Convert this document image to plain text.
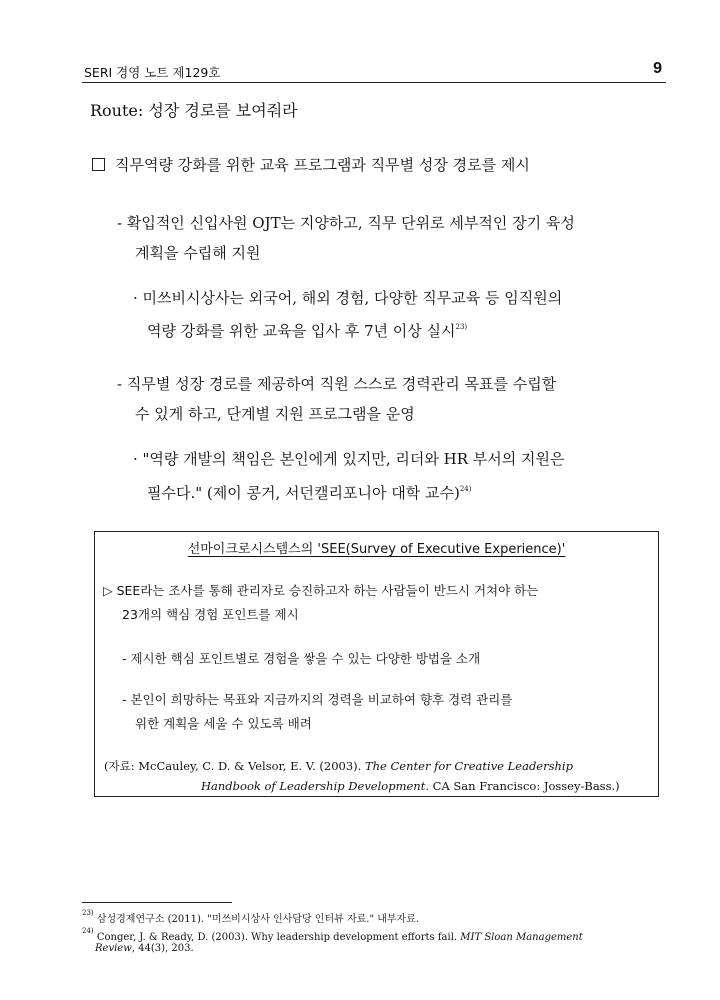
SERI 경영 노트 제129호	9
Route: 성장 경로를 보여줘라
직무역량 강화를 위한 교육 프로그램과 직무별 성장 경로를 제시
- 확입적인 신입사원 OJT는 지양하고, 직무 단위로 세부적인 장기 육성
계획을 수립해 지원
· 미쓰비시상사는 외국어, 해외 경험, 다양한 직무교육 등 임직원의
역량 강화를 위한 교육을 입사 후 7년 이상 실시$^{23)}$
- 직무별 성장 경로를 제공하여 직원 스스로 경력관리 목표를 수립할
수 있게 하고, 단계별 지원 프로그램을 운영
· "역량 개발의 책임은 본인에게 있지만, 리더와 HR 부서의 지원은
필수다." (제이 콩거, 서던캘리포니아 대학 교수)$^{24)}$
선마이크로시스템스의 'SEE(Survey of Executive Experience)'
▷ SEE라는 조사를 통해 관리자로 승진하고자 하는 사람들이 반드시 거쳐야 하는
23개의 핵심 경험 포인트를 제시
- 제시한 핵심 포인트별로 경험을 쌓을 수 있는 다양한 방법을 소개
- 본인이 희망하는 목표와 지금까지의 경력을 비교하여 향후 경력 관리를
위한 계획을 세울 수 있도록 배려
(자료: McCauley, C. D. & Velsor, E. V. (2003). The Center for Creative Leadership
Handbook of Leadership Development. CA San Francisco: Jossey-Bass.)
$^{23)}$ 삼성경제연구소 (2011). "미쓰비시상사 인사담당 인터뷰 자료." 내부자료.
$^{24)}$ Conger, J. & Ready, D. (2003). Why leadership development efforts fail. MIT Sloan Management
Review, 44(3), 203.
